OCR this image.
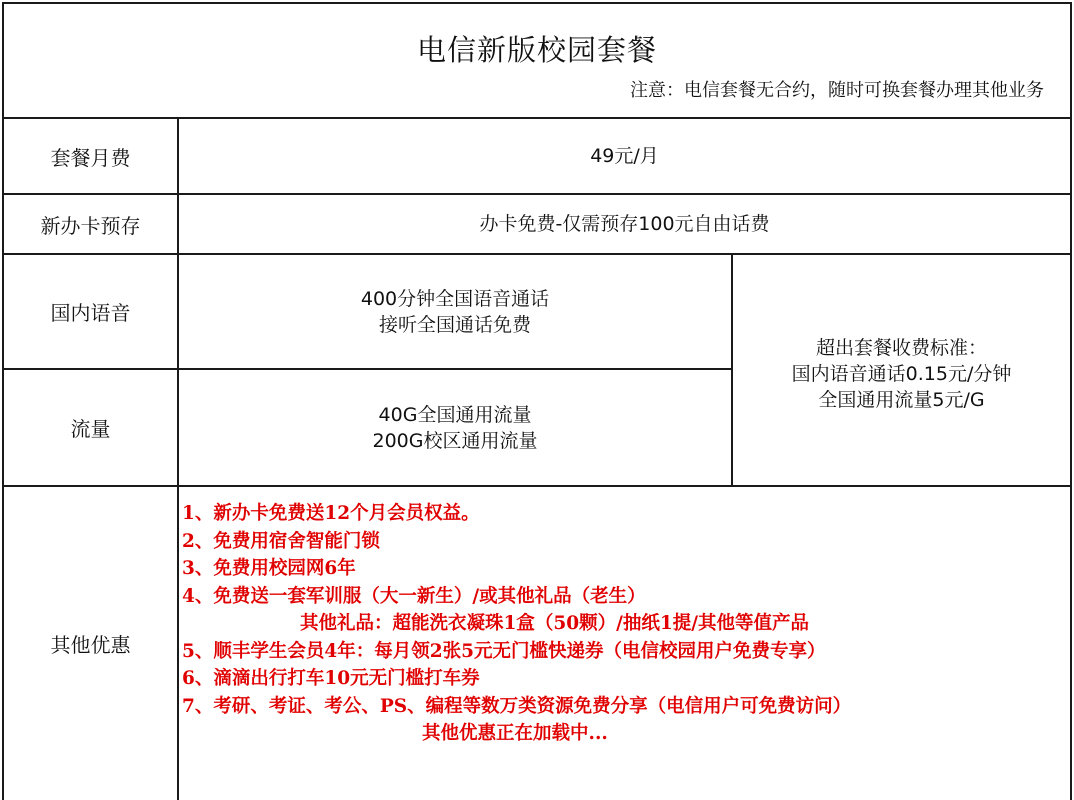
电信新版校园套餐
注意：电信套餐无合约，随时可换套餐办理其他业务
套餐月费	49元/月
新办卡预存	办卡免费-仅需预存100元自由话费
国内语音
400分钟全国语音通话
接听全国通话免费
流量
40G全国通用流量
200G校区通用流量
超出套餐收费标准：
国内语音通话0.15元/分钟
全国通用流量5元/G
其他优惠
1、新办卡免费送12个月会员权益。
2、免费用宿舍智能门锁
3、免费用校园网6年
4、免费送一套军训服（大一新生）/或其他礼品（老生）
其他礼品：超能洗衣凝珠1盒（50颗）/抽纸1提/其他等值产品
5、顺丰学生会员4年：每月领2张5元无门槛快递券（电信校园用户免费专享）
6、滴滴出行打车10元无门槛打车券
7、考研、考证、考公、PS、编程等数万类资源免费分享（电信用户可免费访问）
其他优惠正在加载中...
